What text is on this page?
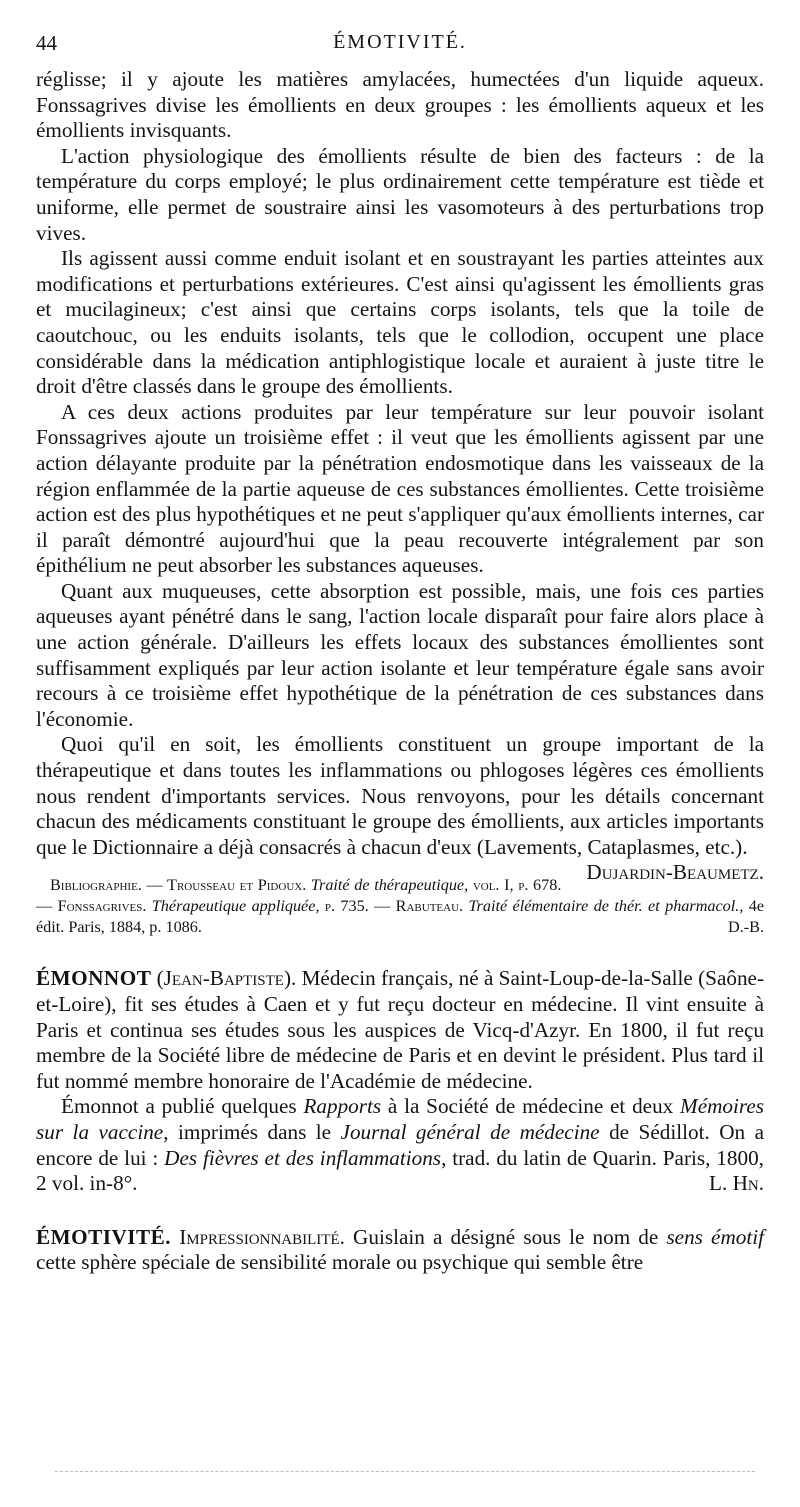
44	ÉMOTIVITÉ.

réglisse; il y ajoute les matières amylacées, humectées d'un liquide aqueux. Fonssagrives divise les émollients en deux groupes : les émollients aqueux et les émollients invisquants.

L'action physiologique des émollients résulte de bien des facteurs : de la température du corps employé; le plus ordinairement cette température est tiède et uniforme, elle permet de soustraire ainsi les vasomoteurs à des perturbations trop vives.

Ils agissent aussi comme enduit isolant et en soustrayant les parties atteintes aux modifications et perturbations extérieures. C'est ainsi qu'agissent les émollients gras et mucilagineux; c'est ainsi que certains corps isolants, tels que la toile de caoutchouc, ou les enduits isolants, tels que le collodion, occupent une place considérable dans la médication antiphlogistique locale et auraient à juste titre le droit d'être classés dans le groupe des émollients.

A ces deux actions produites par leur température sur leur pouvoir isolant Fonssagrives ajoute un troisième effet : il veut que les émollients agissent par une action délayante produite par la pénétration endosmotique dans les vaisseaux de la région enflammée de la partie aqueuse de ces substances émollientes. Cette troisième action est des plus hypothétiques et ne peut s'appliquer qu'aux émollients internes, car il paraît démontré aujourd'hui que la peau recouverte intégralement par son épithélium ne peut absorber les substances aqueuses.

Quant aux muqueuses, cette absorption est possible, mais, une fois ces parties aqueuses ayant pénétré dans le sang, l'action locale disparaît pour faire alors place à une action générale. D'ailleurs les effets locaux des substances émollientes sont suffisamment expliqués par leur action isolante et leur température égale sans avoir recours à ce troisième effet hypothétique de la pénétration de ces substances dans l'économie.

Quoi qu'il en soit, les émollients constituent un groupe important de la thérapeutique et dans toutes les inflammations ou phlogoses légères ces émollients nous rendent d'importants services. Nous renvoyons, pour les détails concernant chacun des médicaments constituant le groupe des émollients, aux articles importants que le Dictionnaire a déjà consacrés à chacun d'eux (Lavements, Cataplasmes, etc.).
Dujardin-Beaumetz.

Bibliographie. — Trousseau et Pidoux. Traité de thérapeutique, vol. I, p. 678. — Fonssagrives. Thérapeutique appliquée, p. 735. — Rabuteau. Traité élémentaire de thér. et pharmacol., 4e édit. Paris, 1884, p. 1086.	D.-B.

ÉMONNOT (Jean-Baptiste). Médecin français, né à Saint-Loup-de-la-Salle (Saône-et-Loire), fit ses études à Caen et y fut reçu docteur en médecine. Il vint ensuite à Paris et continua ses études sous les auspices de Vicq-d'Azyr. En 1800, il fut reçu membre de la Société libre de médecine de Paris et en devint le président. Plus tard il fut nommé membre honoraire de l'Académie de médecine.

Émonnot a publié quelques Rapports à la Société de médecine et deux Mémoires sur la vaccine, imprimés dans le Journal général de médecine de Sédillot. On a encore de lui : Des fièvres et des inflammations, trad. du latin de Quarin. Paris, 1800, 2 vol. in-8°.	L. Hn.

ÉMOTIVITÉ. Impressionnabilité. Guislain a désigné sous le nom de sens émotif cette sphère spéciale de sensibilité morale ou psychique qui semble être
